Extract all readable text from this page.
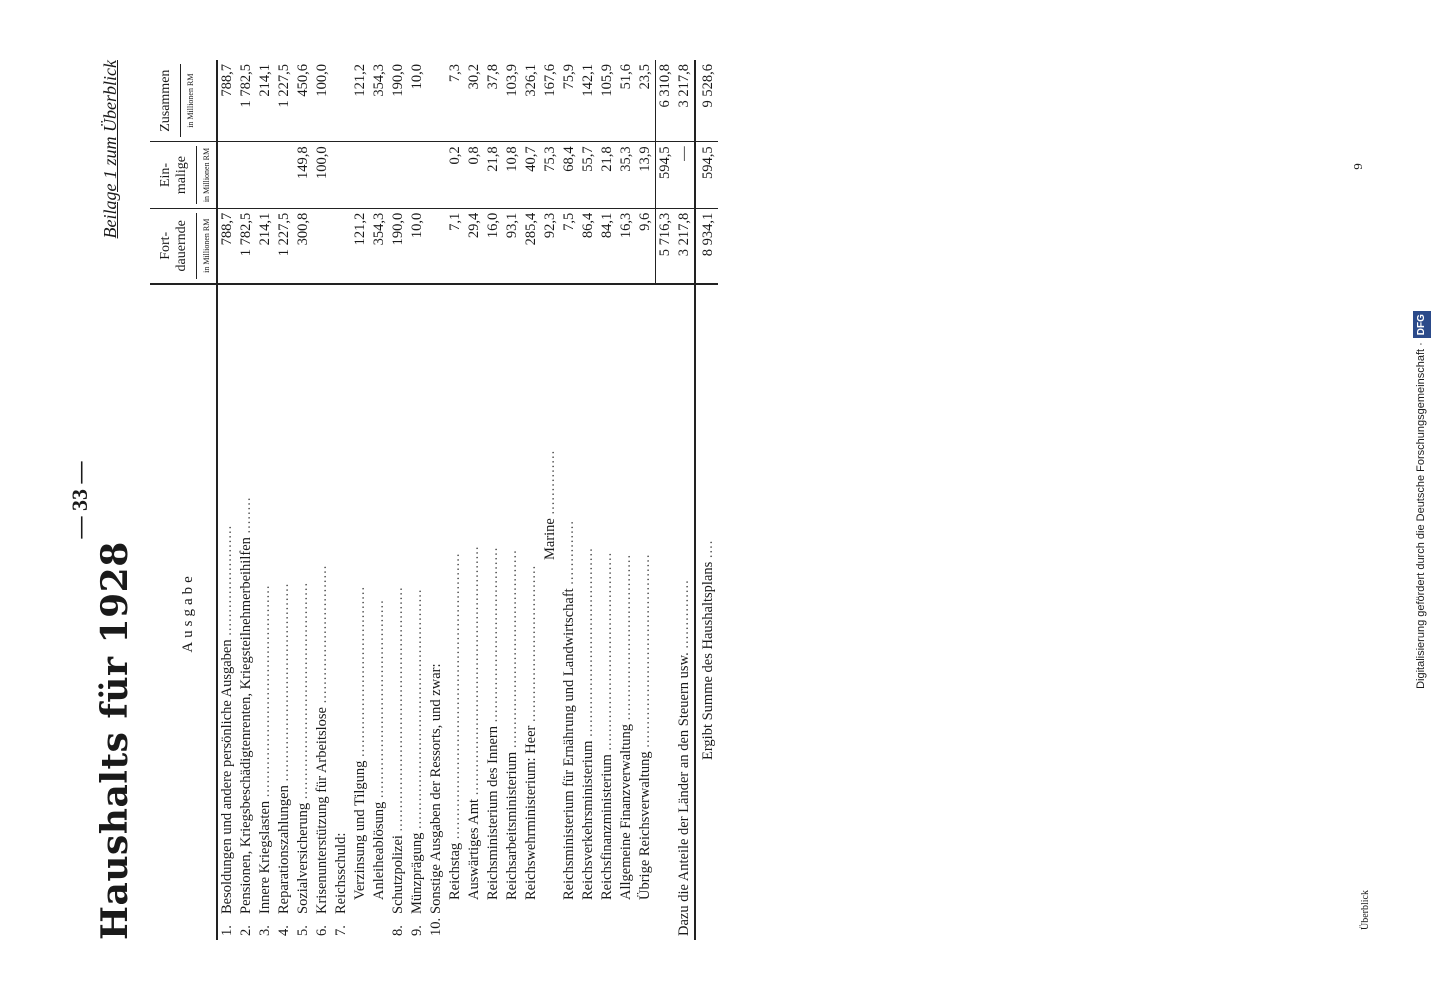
— 33 —
9
Überblick
Digitalisierung gefördert durch die Deutsche Forschungsgemeinschaft ·DFG
Haushalts für 1928
Beilage 1 zum Überblick
Ausgabe	Fort-dauernde in Millionen RM	Ein-malige in Millionen RM	Zusammen in Millionen RM

1.Besoldungen und andere persönliche Ausgaben ........................	788,7		788,7
2.Pensionen, Kriegsbeschädigtenrenten, Kriegsteilnehmerbeihilfen ........	1 782,5		1 782,5
3.Innere Kriegslasten ..............................................	214,1		214,1
4.Reparationszahlungen ...........................................	1 227,5		1 227,5
5.Sozialversicherung ...............................................	300,8	149,8	450,6
6.Krisenunterstützung für Arbeitslose ..............................		100,0	100,0
7.Reichsschuld:			
Verzinsung und Tilgung .....................................	121,2		121,2
Anleiheablösung ...........................................	354,3		354,3
8.Schutzpolizei .....................................................	190,0		190,0
9.Münzprägung ....................................................	10,0		10,0
10.Sonstige Ausgaben der Ressorts, und zwar:			
Reichstag ..............................................................	7,1	0,2	7,3
Auswärtiges Amt ......................................................	29,4	0,8	30,2
Reichsministerium des Innern ......................................	16,0	21,8	37,8
Reichsarbeitsministerium ...........................................	93,1	10,8	103,9
Reichswehrministerium: Heer ..................................	285,4	40,7	326,1
Marine ..............	92,3	75,3	167,6
Reichsministerium für Ernährung und Landwirtschaft ..............	7,5	68,4	75,9
Reichsverkehrsministerium .........................................	86,4	55,7	142,1
Reichsfinanzministerium ...........................................	84,1	21,8	105,9
Allgemeine Finanzverwaltung ....................................	16,3	35,3	51,6
Übrige Reichsverwaltung ..........................................	9,6	13,9	23,5
	5 716,3	594,5	6 310,8
Dazu die Anteile der Länder an den Steuern usw. ...............	3 217,8	—	3 217,8
Ergibt Summe des Haushaltsplans ....	8 934,1	594,5	9 528,6
